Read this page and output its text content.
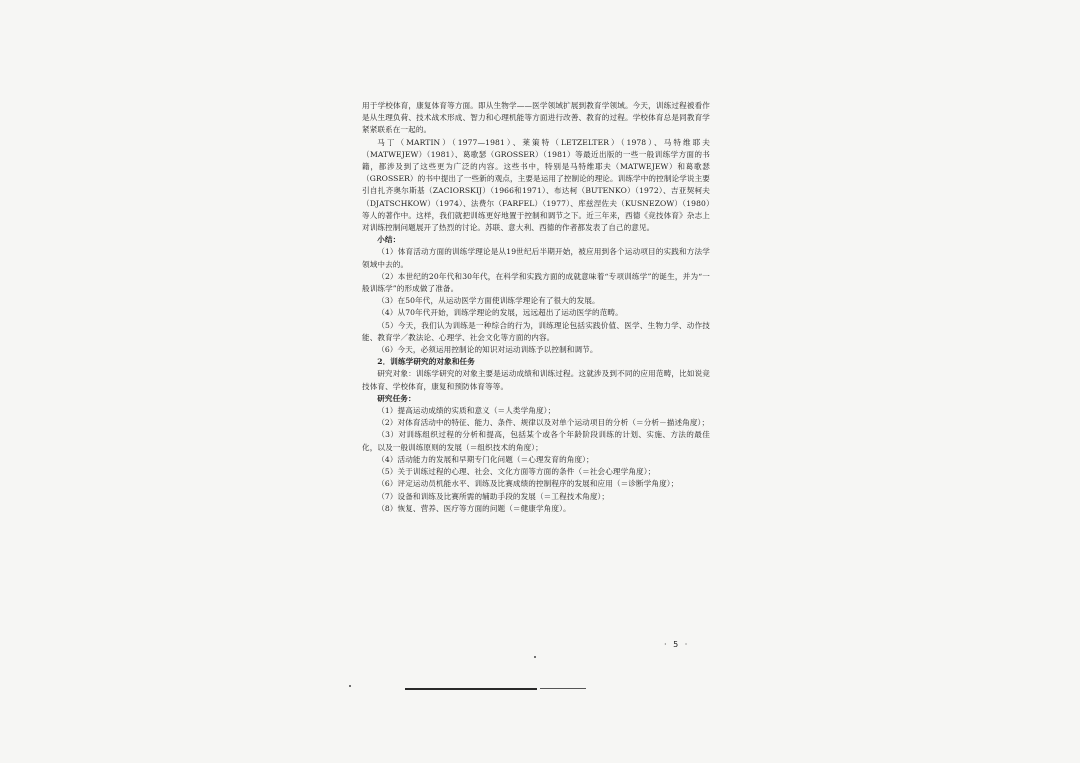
用于学校体育，康复体育等方面。即从生物学——医学领域扩展到教育学领域。今天，训练过程被看作是从生理负荷、技术战术形成、智力和心理机能等方面进行改善、教育的过程。学校体育总是同教育学紧紧联系在一起的。

马丁（MARTIN）（1977—1981）、莱策特（LETZELTER）（1978）、马特维耶夫（MATWEJEW）（1981）、葛歌瑟（GROSSER）（1981）等最近出版的一些一般训练学方面的书籍，都涉及到了这些更为广泛的内容。这些书中，特别是马特维耶夫（MATWEJEW）和葛歌瑟（GROSSER）的书中提出了一些新的观点，主要是运用了控制论的理论。训练学中的控制论学说主要引自扎齐奥尔斯基（ZACIORSKIJ）（1966和1971）、布达柯（BUTENKO）（1972）、吉亚契柯夫（DJATSCHKOW）（1974）、法费尔（FARFEL）（1977）、库兹涅佐夫（KUSNEZOW）（1980）等人的著作中。这样，我们就把训练更好地置于控制和调节之下。近三年来，西德《竞技体育》杂志上对训练控制问题展开了热烈的讨论。苏联、意大利、西德的作者都发表了自己的意见。

小结：

（1）体育活动方面的训练学理论是从19世纪后半期开始，被应用到各个运动项目的实践和方法学领域中去的。

（2）本世纪的20年代和30年代，在科学和实践方面的成就意味着“专项训练学”的诞生，并为“一般训练学”的形成做了准备。

（3）在50年代，从运动医学方面使训练学理论有了很大的发展。

（4）从70年代开始，训练学理论的发展，远远超出了运动医学的范畴。

（5）今天，我们认为训练是一种综合的行为，训练理论包括实践价值、医学、生物力学、动作技能、教育学／教法论、心理学、社会文化等方面的内容。

（6）今天，必须运用控制论的知识对运动训练予以控制和调节。

2．训练学研究的对象和任务

研究对象：训练学研究的对象主要是运动成绩和训练过程。这就涉及到不同的应用范畴，比如说竞技体育、学校体育，康复和预防体育等等。

研究任务：

（1）提高运动成绩的实质和意义（＝人类学角度）；

（2）对体育活动中的特征、能力、条件、规律以及对单个运动项目的分析（＝分析－描述角度）；

（3）对训练组织过程的分析和提高，包括某个或各个年龄阶段训练的计划、实施、方法的最佳化，以及一般训练原则的发展（＝组织技术的角度）；

（4）活动能力的发展和早期专门化问题（＝心理发育的角度）；

（5）关于训练过程的心理、社会、文化方面等方面的条件（＝社会心理学角度）；

（6）评定运动员机能水平、训练及比赛成绩的控制程序的发展和应用（＝诊断学角度）；

（7）设备和训练及比赛所需的辅助手段的发展（＝工程技术角度）；

（8）恢复、营养、医疗等方面的问题（＝健康学角度）。

· 5 ·
